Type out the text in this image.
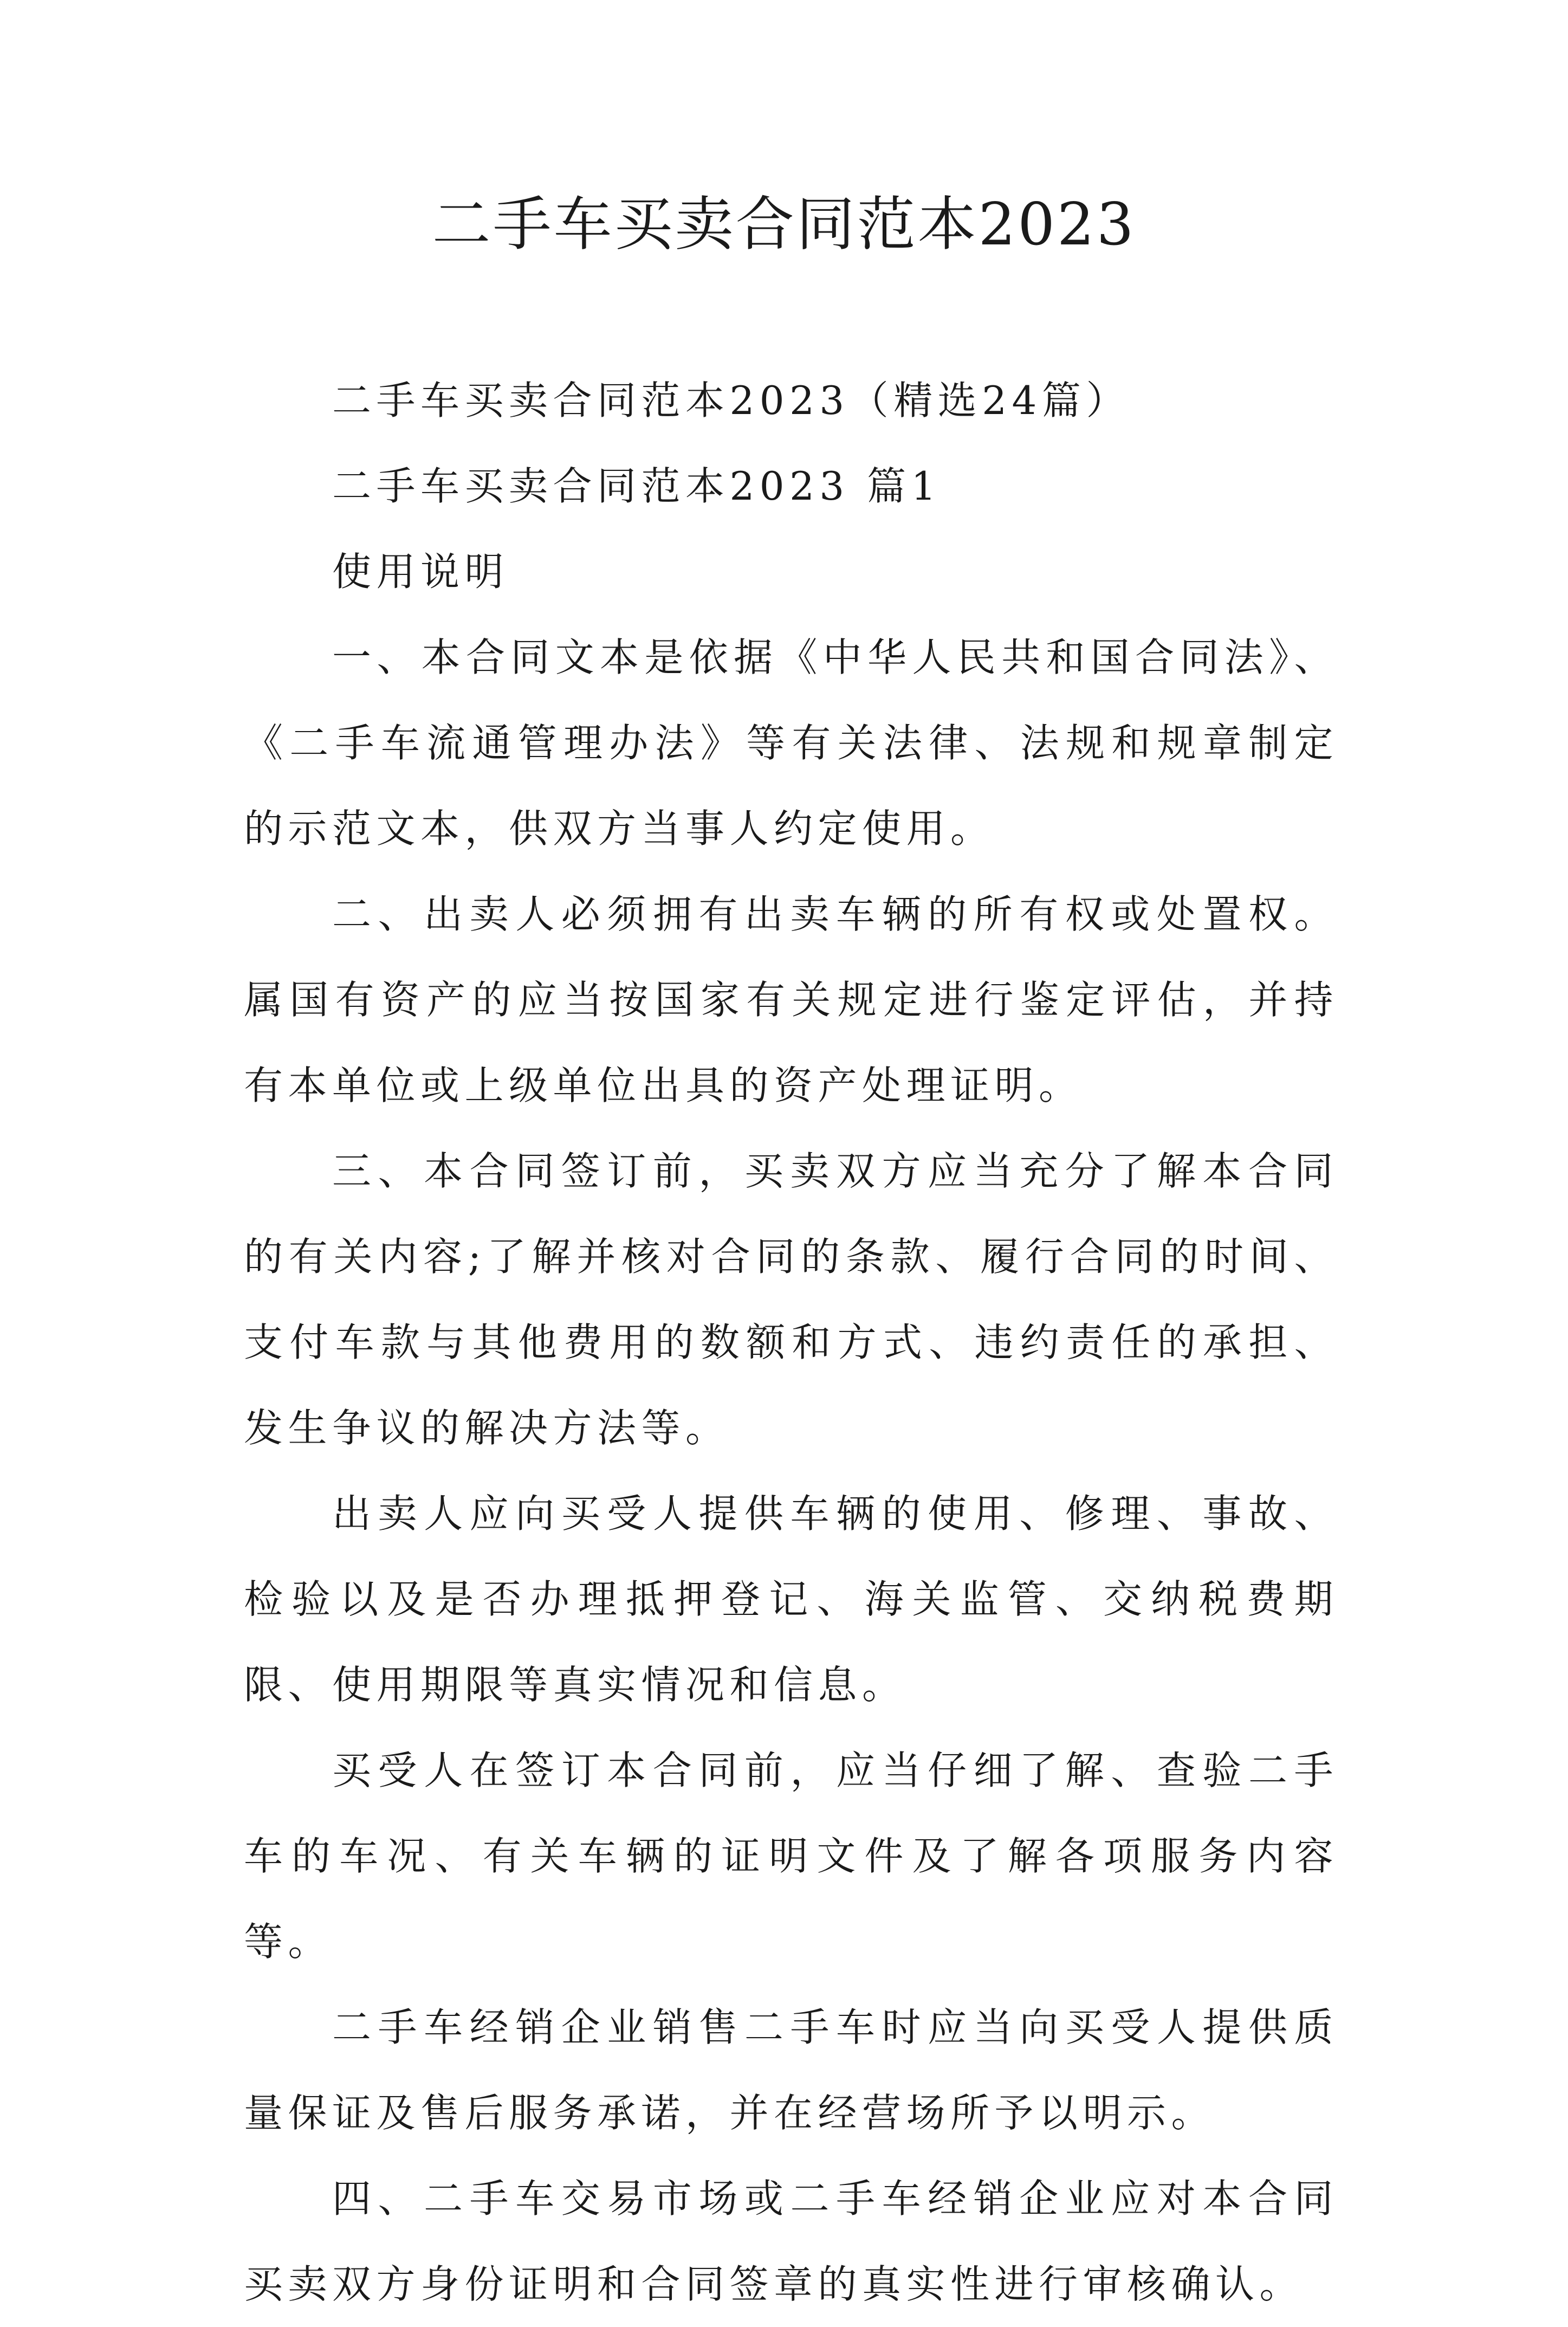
二手车买卖合同范本2023

二手车买卖合同范本2023（精选24篇）

二手车买卖合同范本2023 篇1

使用说明

一、本合同文本是依据《中华人民共和国合同法》、《二手车流通管理办法》等有关法律、法规和规章制定的示范文本，供双方当事人约定使用。

二、出卖人必须拥有出卖车辆的所有权或处置权。属国有资产的应当按国家有关规定进行鉴定评估，并持有本单位或上级单位出具的资产处理证明。

三、本合同签订前，买卖双方应当充分了解本合同的有关内容;了解并核对合同的条款、履行合同的时间、支付车款与其他费用的数额和方式、违约责任的承担、发生争议的解决方法等。

出卖人应向买受人提供车辆的使用、修理、事故、检验以及是否办理抵押登记、海关监管、交纳税费期限、使用期限等真实情况和信息。

买受人在签订本合同前，应当仔细了解、查验二手车的车况、有关车辆的证明文件及了解各项服务内容等。

二手车经销企业销售二手车时应当向买受人提供质量保证及售后服务承诺，并在经营场所予以明示。

四、二手车交易市场或二手车经销企业应对本合同买卖双方身份证明和合同签章的真实性进行审核确认。
